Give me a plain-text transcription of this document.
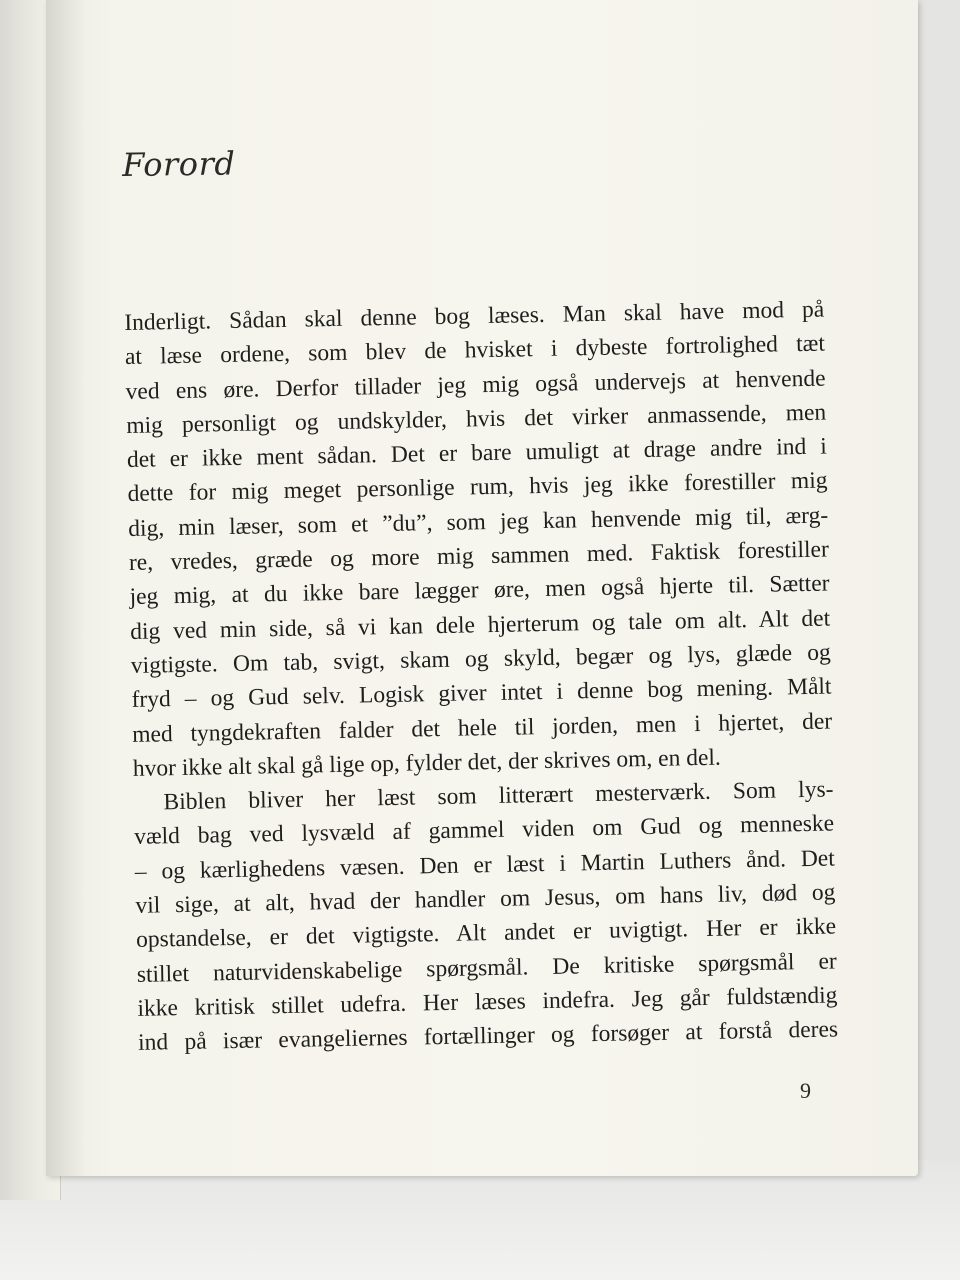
Forord
Inderligt. Sådan skal denne bog læses. Man skal have mod på
at læse ordene, som blev de hvisket i dybeste fortrolighed tæt
ved ens øre. Derfor tillader jeg mig også undervejs at henvende
mig personligt og undskylder, hvis det virker anmassende, men
det er ikke ment sådan. Det er bare umuligt at drage andre ind i
dette for mig meget personlige rum, hvis jeg ikke forestiller mig
dig, min læser, som et ”du”, som jeg kan henvende mig til, ærg-
re, vredes, græde og more mig sammen med. Faktisk forestiller
jeg mig, at du ikke bare lægger øre, men også hjerte til. Sætter
dig ved min side, så vi kan dele hjerterum og tale om alt. Alt det
vigtigste. Om tab, svigt, skam og skyld, begær og lys, glæde og
fryd – og Gud selv. Logisk giver intet i denne bog mening. Målt
med tyngdekraften falder det hele til jorden, men i hjertet, der
hvor ikke alt skal gå lige op, fylder det, der skrives om, en del.
Biblen bliver her læst som litterært mesterværk. Som lys-
væld bag ved lysvæld af gammel viden om Gud og menneske
– og kærlighedens væsen. Den er læst i Martin Luthers ånd. Det
vil sige, at alt, hvad der handler om Jesus, om hans liv, død og
opstandelse, er det vigtigste. Alt andet er uvigtigt. Her er ikke
stillet naturvidenskabelige spørgsmål. De kritiske spørgsmål er
ikke kritisk stillet udefra. Her læses indefra. Jeg går fuldstændig
ind på især evangeliernes fortællinger og forsøger at forstå deres
9
